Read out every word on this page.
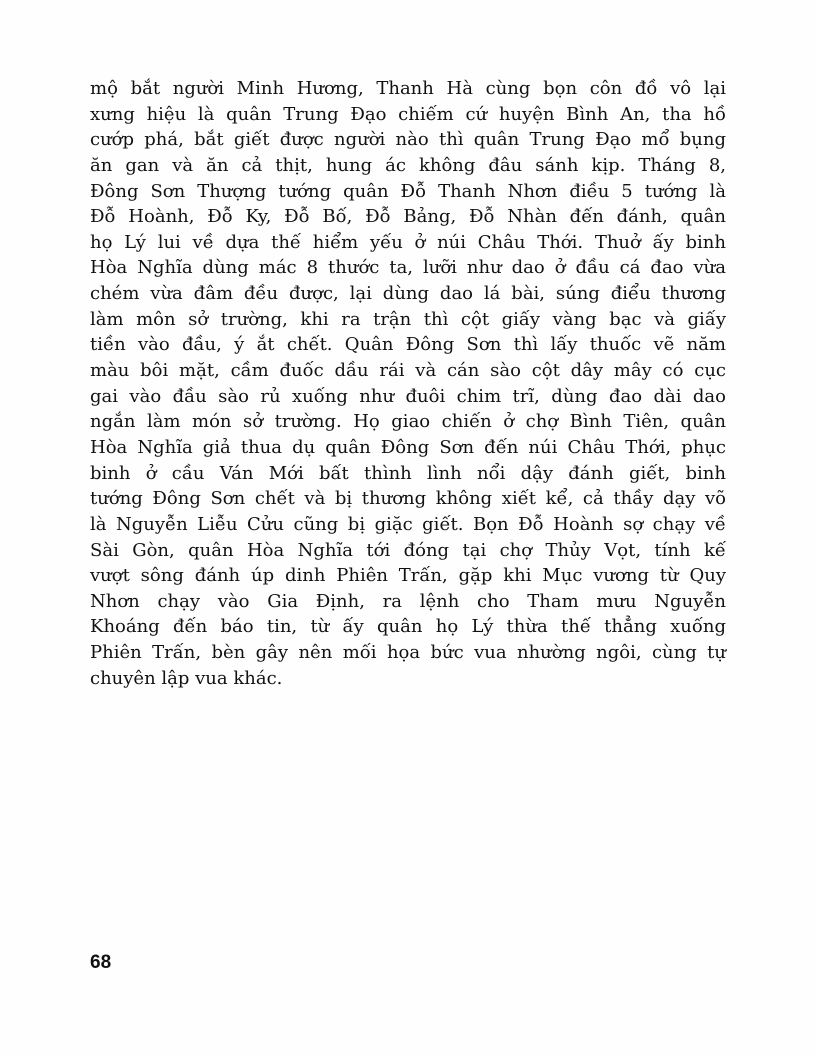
mộ bắt người Minh Hương, Thanh Hà cùng bọn côn đồ vô lại
xưng hiệu là quân Trung Đạo chiếm cứ huyện Bình An, tha hồ
cướp phá, bắt giết được người nào thì quân Trung Đạo mổ bụng
ăn gan và ăn cả thịt, hung ác không đâu sánh kịp. Tháng 8,
Đông Sơn Thượng tướng quân Đỗ Thanh Nhơn điều 5 tướng là
Đỗ Hoành, Đỗ Ky, Đỗ Bố, Đỗ Bảng, Đỗ Nhàn đến đánh, quân
họ Lý lui về dựa thế hiểm yếu ở núi Châu Thới. Thuở ấy binh
Hòa Nghĩa dùng mác 8 thước ta, lưỡi như dao ở đầu cá đao vừa
chém vừa đâm đều được, lại dùng dao lá bài, súng điểu thương
làm môn sở trường, khi ra trận thì cột giấy vàng bạc và giấy
tiền vào đầu, ý ắt chết. Quân Đông Sơn thì lấy thuốc vẽ năm
màu bôi mặt, cầm đuốc dầu rái và cán sào cột dây mây có cục
gai vào đầu sào rủ xuống như đuôi chim trĩ, dùng đao dài dao
ngắn làm món sở trường. Họ giao chiến ở chợ Bình Tiên, quân
Hòa Nghĩa giả thua dụ quân Đông Sơn đến núi Châu Thới, phục
binh ở cầu Ván Mới bất thình lình nổi dậy đánh giết, binh
tướng Đông Sơn chết và bị thương không xiết kể, cả thầy dạy võ
là Nguyễn Liễu Cửu cũng bị giặc giết. Bọn Đỗ Hoành sợ chạy về
Sài Gòn, quân Hòa Nghĩa tới đóng tại chợ Thủy Vọt, tính kế
vượt sông đánh úp dinh Phiên Trấn, gặp khi Mục vương từ Quy
Nhơn chạy vào Gia Định, ra lệnh cho Tham mưu Nguyễn
Khoáng đến báo tin, từ ấy quân họ Lý thừa thế thẳng xuống
Phiên Trấn, bèn gây nên mối họa bức vua nhường ngôi, cùng tự
chuyên lập vua khác.
68
